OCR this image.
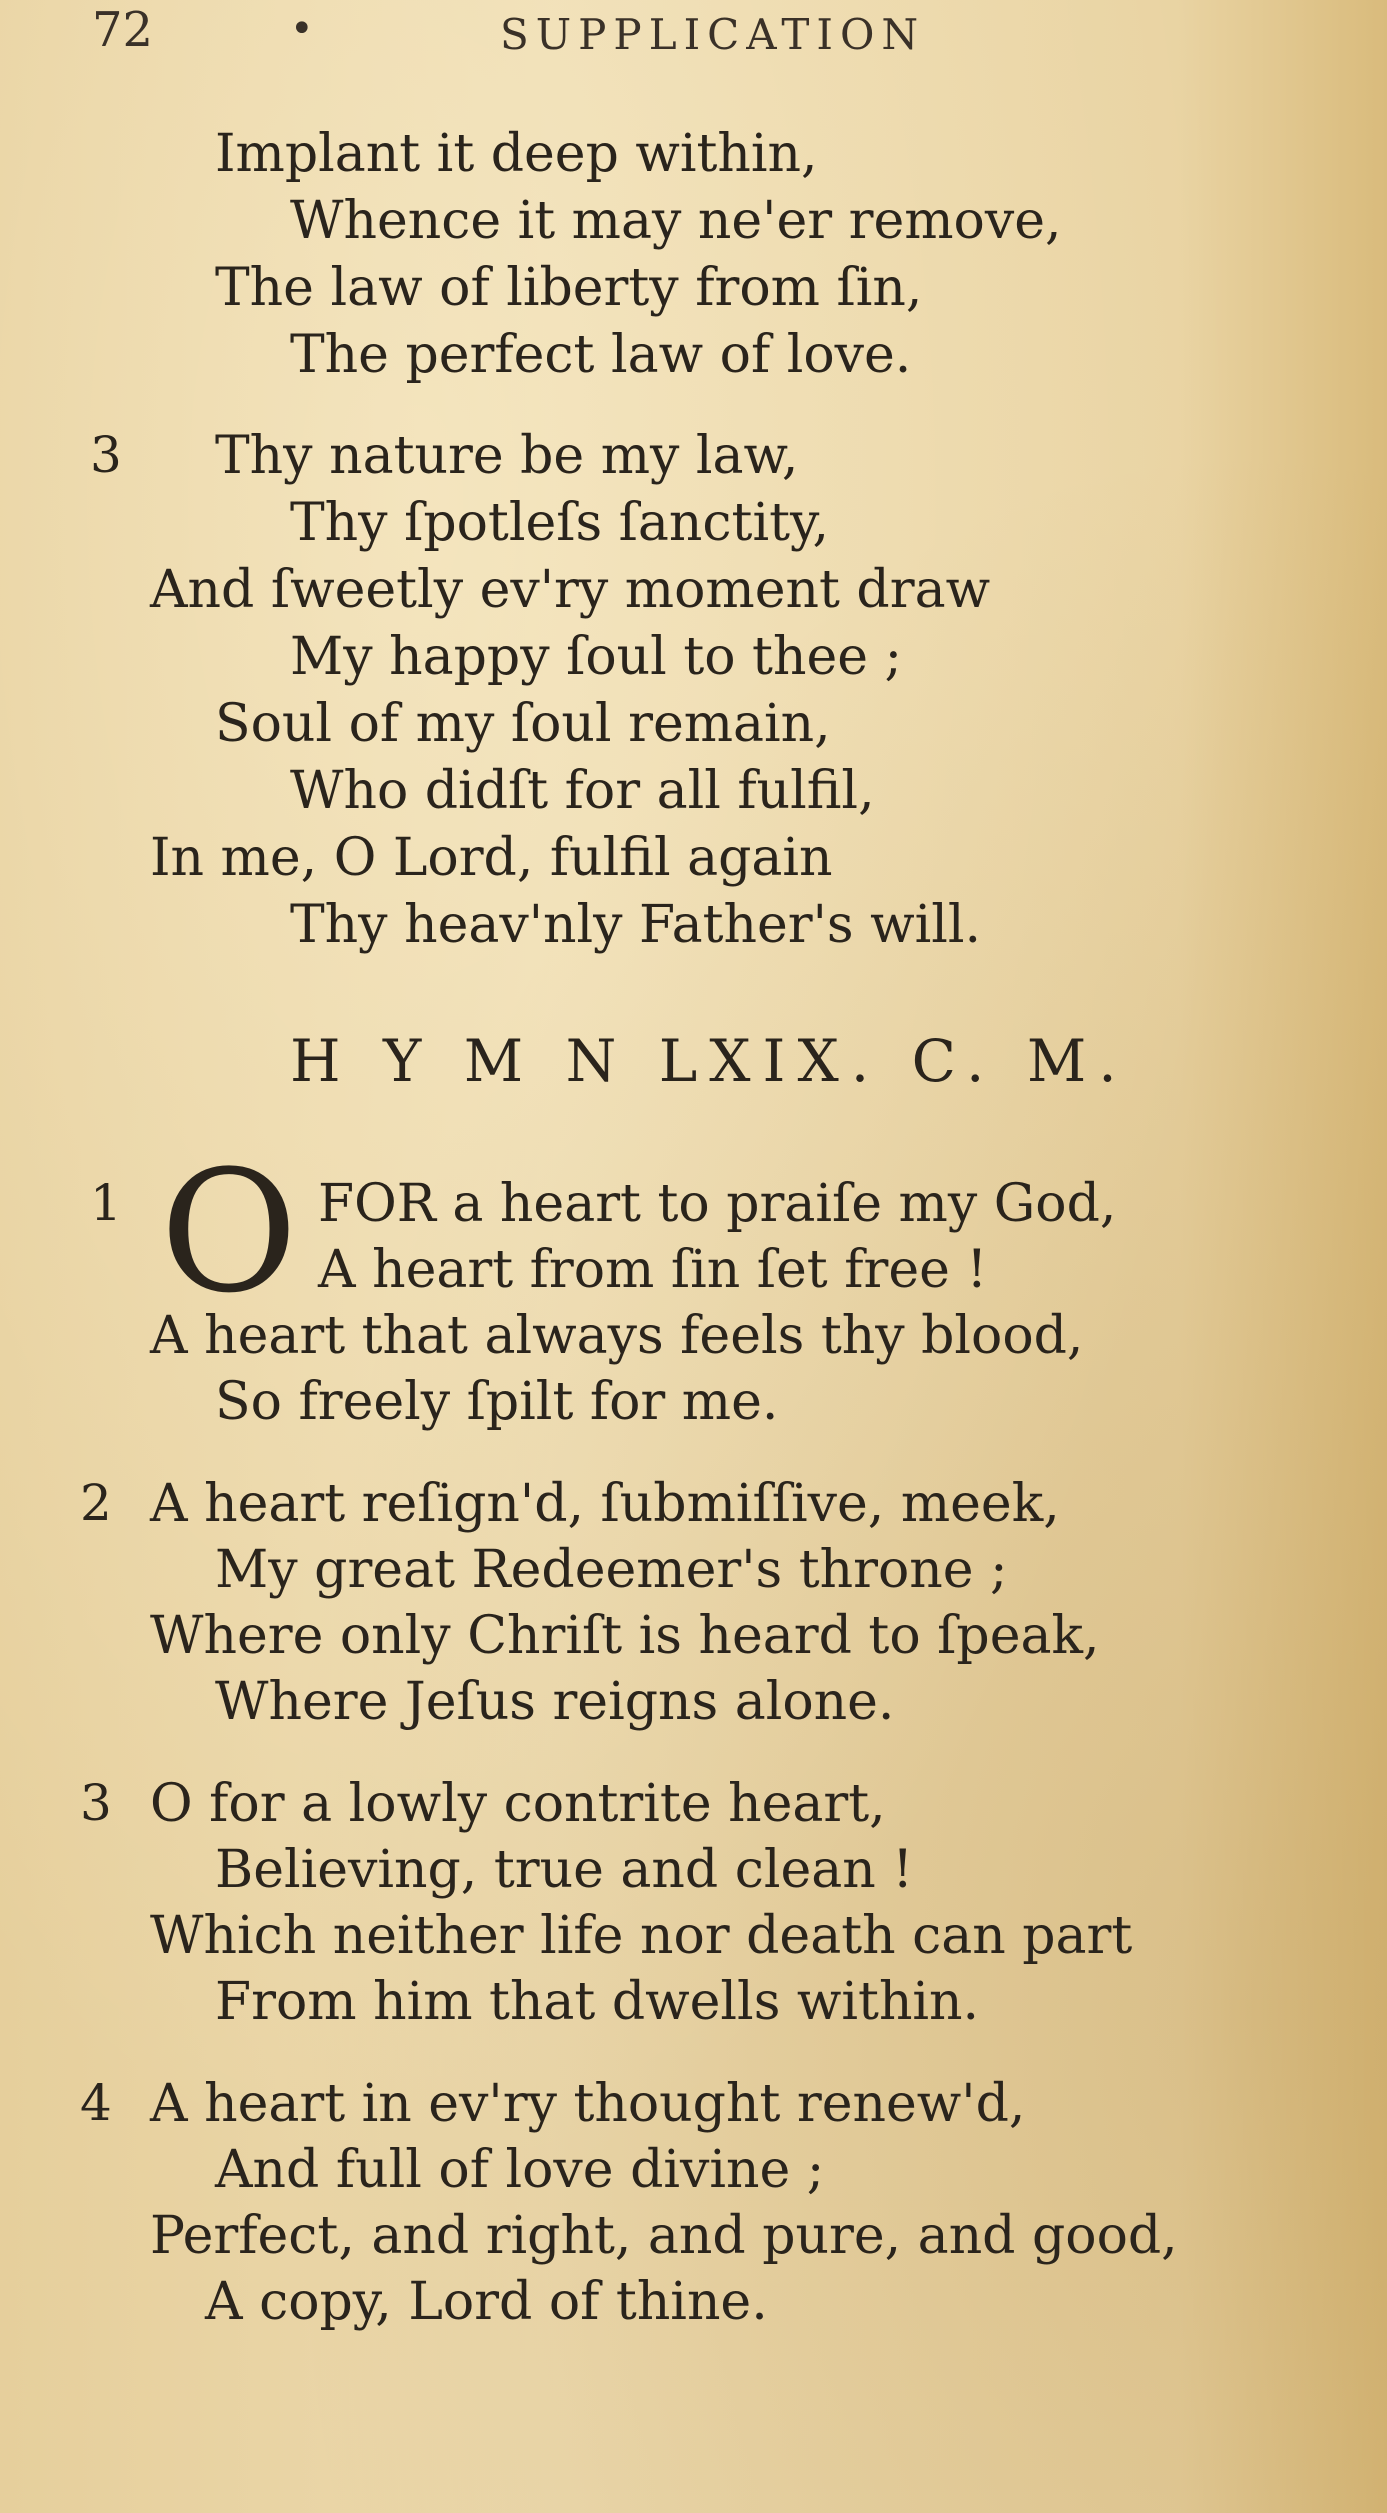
72	•	SUPPLICATION
Implant it deep within,
Whence it may ne'er remove,
The law of liberty from ſin,
The perfect law of love.
3 Thy nature be my law,
Thy ſpotleſs ſanctity,
And ſweetly ev'ry moment draw
My happy ſoul to thee ;
Soul of my ſoul remain,
Who didſt for all fulfil,
In me, O Lord, fulfil again
Thy heav'nly Father's will.
H Y M N LXIX. C. M.
1 O FOR a heart to praiſe my God,
A heart from ſin ſet free !
A heart that always feels thy blood,
So freely ſpilt for me.
2 A heart reſign'd, ſubmiſſive, meek,
My great Redeemer's throne ;
Where only Chriſt is heard to ſpeak,
Where Jeſus reigns alone.
3 O for a lowly contrite heart,
Believing, true and clean !
Which neither life nor death can part
From him that dwells within.
4 A heart in ev'ry thought renew'd,
And full of love divine ;
Perfect, and right, and pure, and good,
A copy, Lord of thine.
